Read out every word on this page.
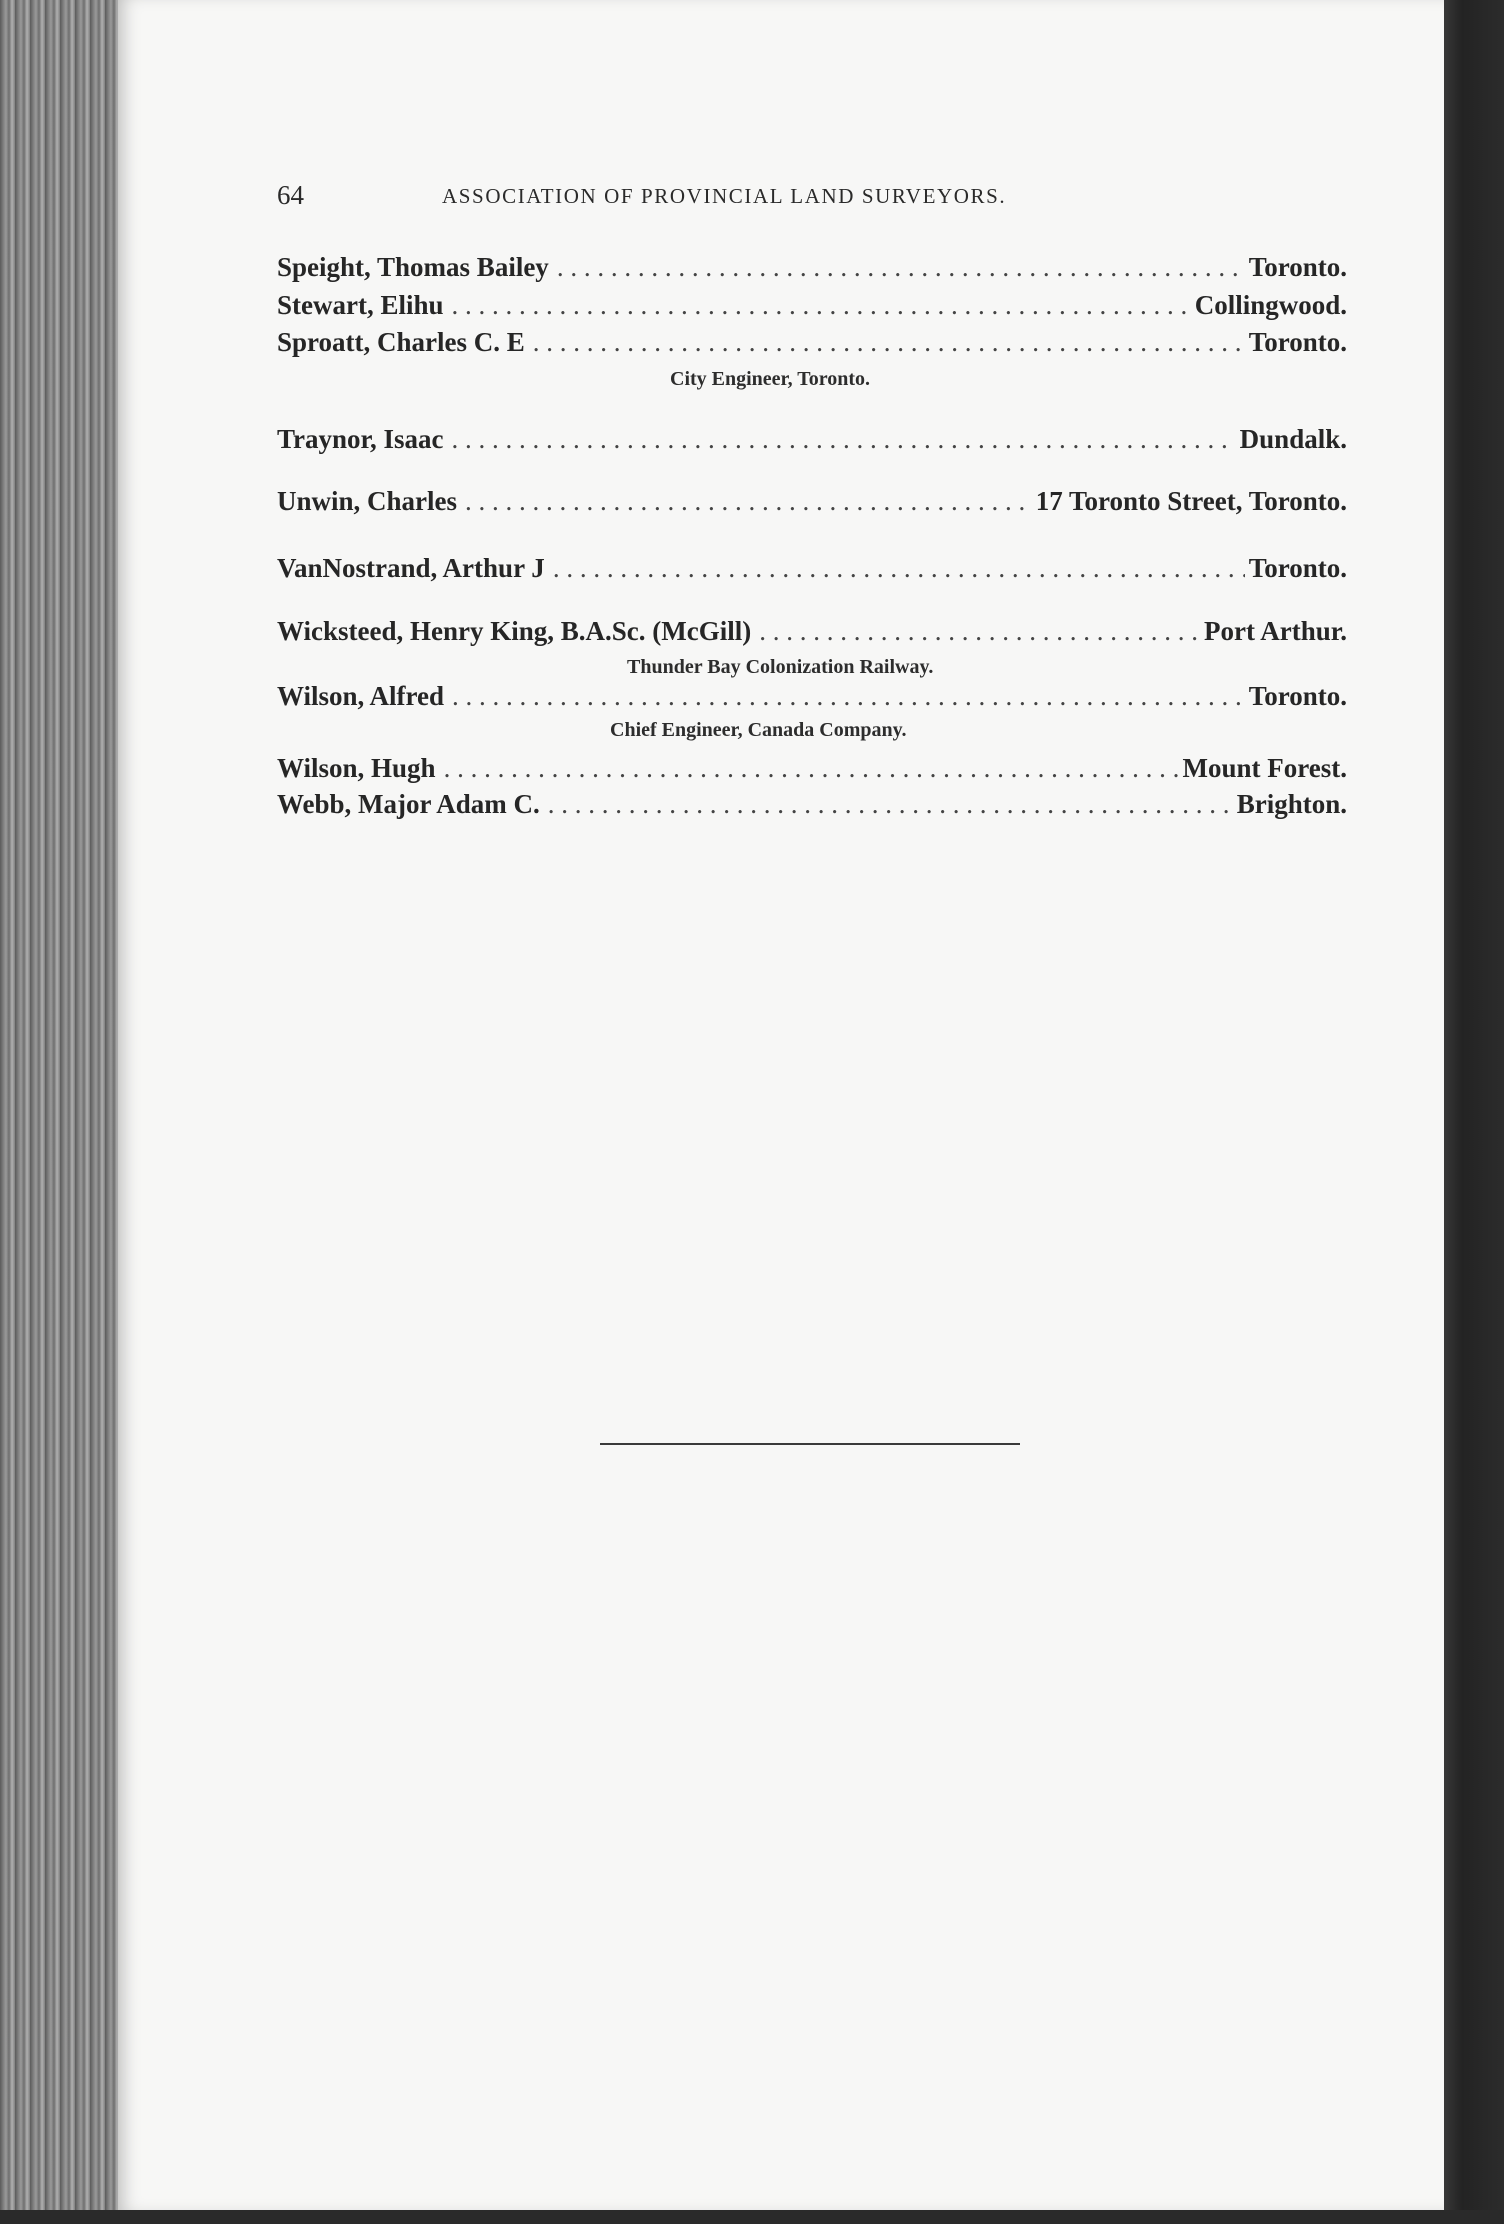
64	ASSOCIATION OF PROVINCIAL LAND SURVEYORS.
Speight, Thomas Bailey . . .	Toronto.
Stewart, Elihu . . .	Collingwood.
Sproatt, Charles C. E . . .	Toronto.
City Engineer, Toronto.
Traynor, Isaac . . .	Dundalk.
Unwin, Charles . . .	17 Toronto Street, Toronto.
VanNostrand, Arthur J . . .	Toronto.
Wicksteed, Henry King, B.A.Sc. (McGill) . . .	Port Arthur.
Thunder Bay Colonization Railway.
Wilson, Alfred . . .	Toronto.
Chief Engineer, Canada Company.
Wilson, Hugh . . .	Mount Forest.
Webb, Major Adam C. . . .	Brighton.
